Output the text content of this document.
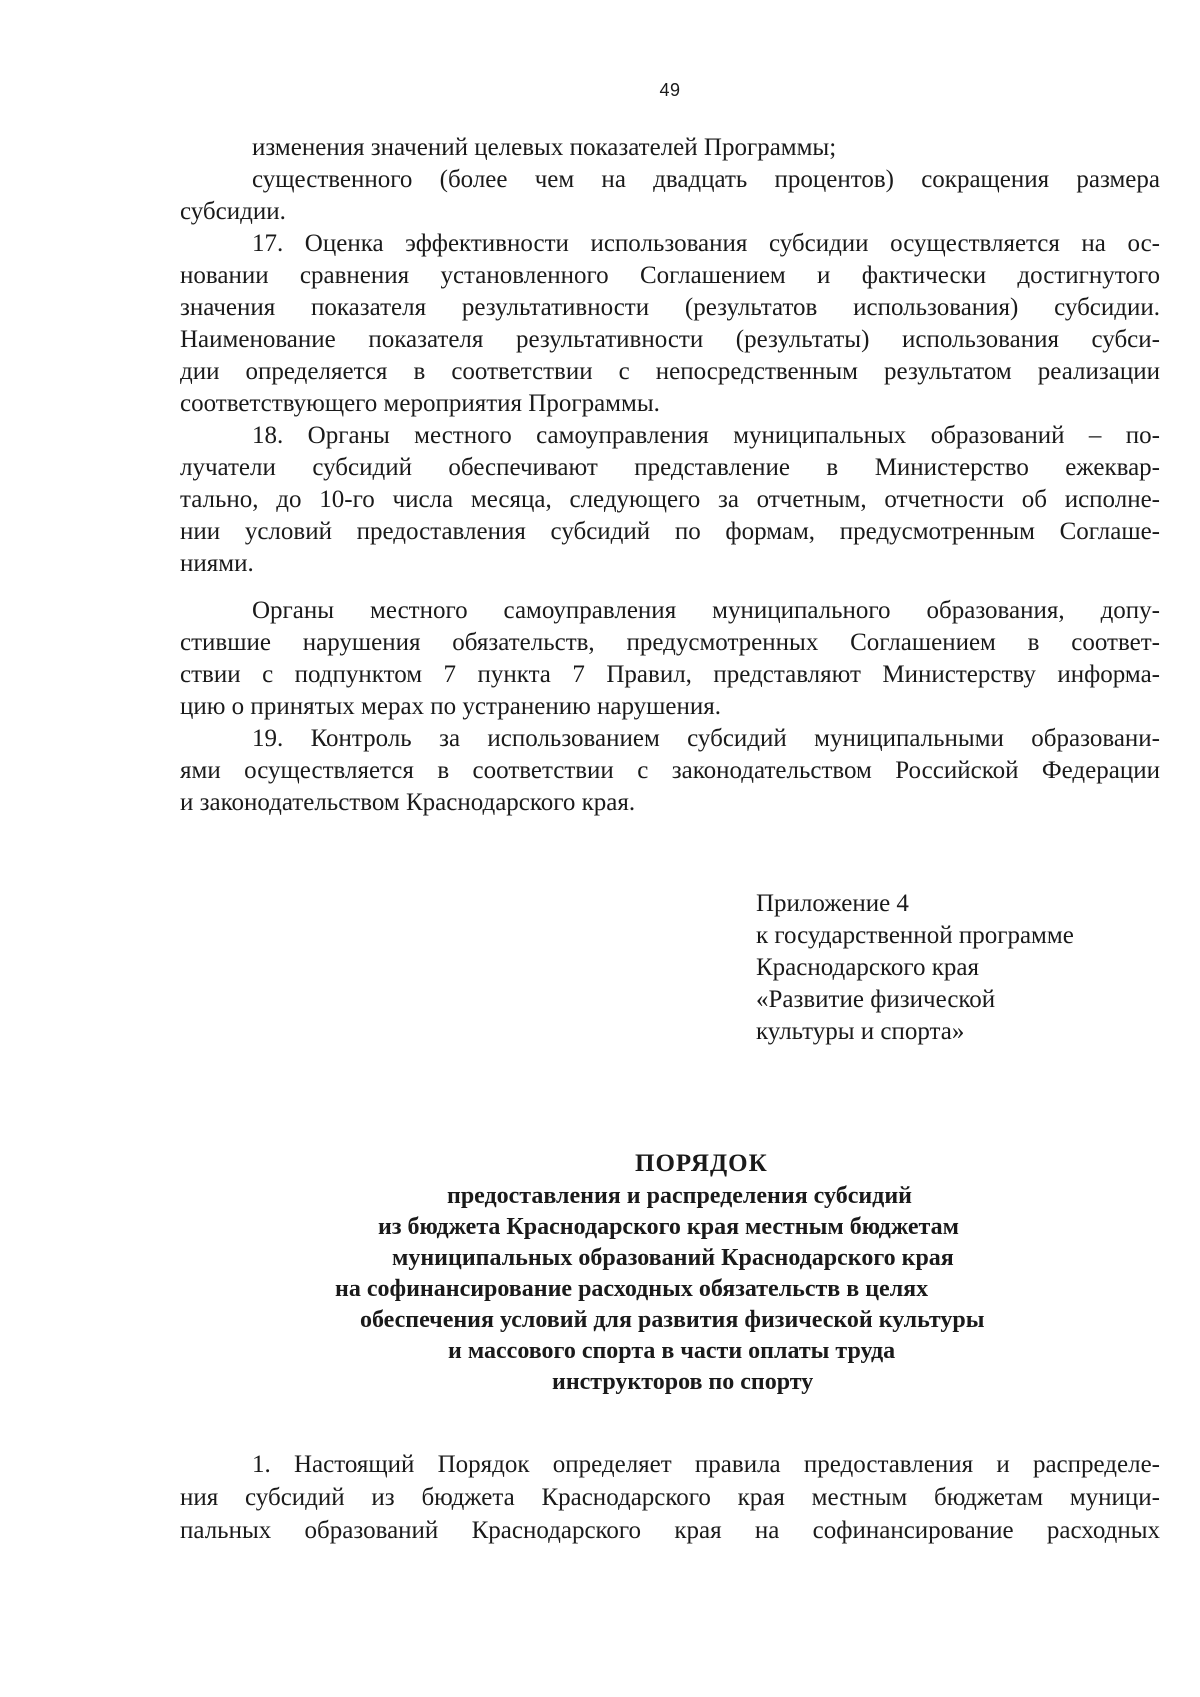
49
изменения значений целевых показателей Программы;
существенного (более чем на двадцать процентов) сокращения размера
субсидии.
17. Оценка эффективности использования субсидии осуществляется на ос-
новании сравнения установленного Соглашением и фактически достигнутого
значения показателя результативности (результатов использования) субсидии.
Наименование показателя результативности (результаты) использования субси-
дии определяется в соответствии с непосредственным результатом реализации
соответствующего мероприятия Программы.
18. Органы местного самоуправления муниципальных образований – по-
лучатели субсидий обеспечивают представление в Министерство ежеквар-
тально, до 10-го числа месяца, следующего за отчетным, отчетности об исполне-
нии условий предоставления субсидий по формам, предусмотренным Соглаше-
ниями.
Органы местного самоуправления муниципального образования, допу-
стившие нарушения обязательств, предусмотренных Соглашением в соответ-
ствии с подпунктом 7 пункта 7 Правил, представляют Министерству информа-
цию о принятых мерах по устранению нарушения.
19. Контроль за использованием субсидий муниципальными образовани-
ями осуществляется в соответствии с законодательством Российской Федерации
и законодательством Краснодарского края.
Приложение 4
к государственной программе
Краснодарского края
«Развитие физической
культуры и спорта»
ПОРЯДОК
предоставления и распределения субсидий
из бюджета Краснодарского края местным бюджетам
муниципальных образований Краснодарского края
на софинансирование расходных обязательств в целях
обеспечения условий для развития физической культуры
и массового спорта в части оплаты труда
инструкторов по спорту
1. Настоящий Порядок определяет правила предоставления и распределе-
ния субсидий из бюджета Краснодарского края местным бюджетам муници-
пальных образований Краснодарского края на софинансирование расходных
